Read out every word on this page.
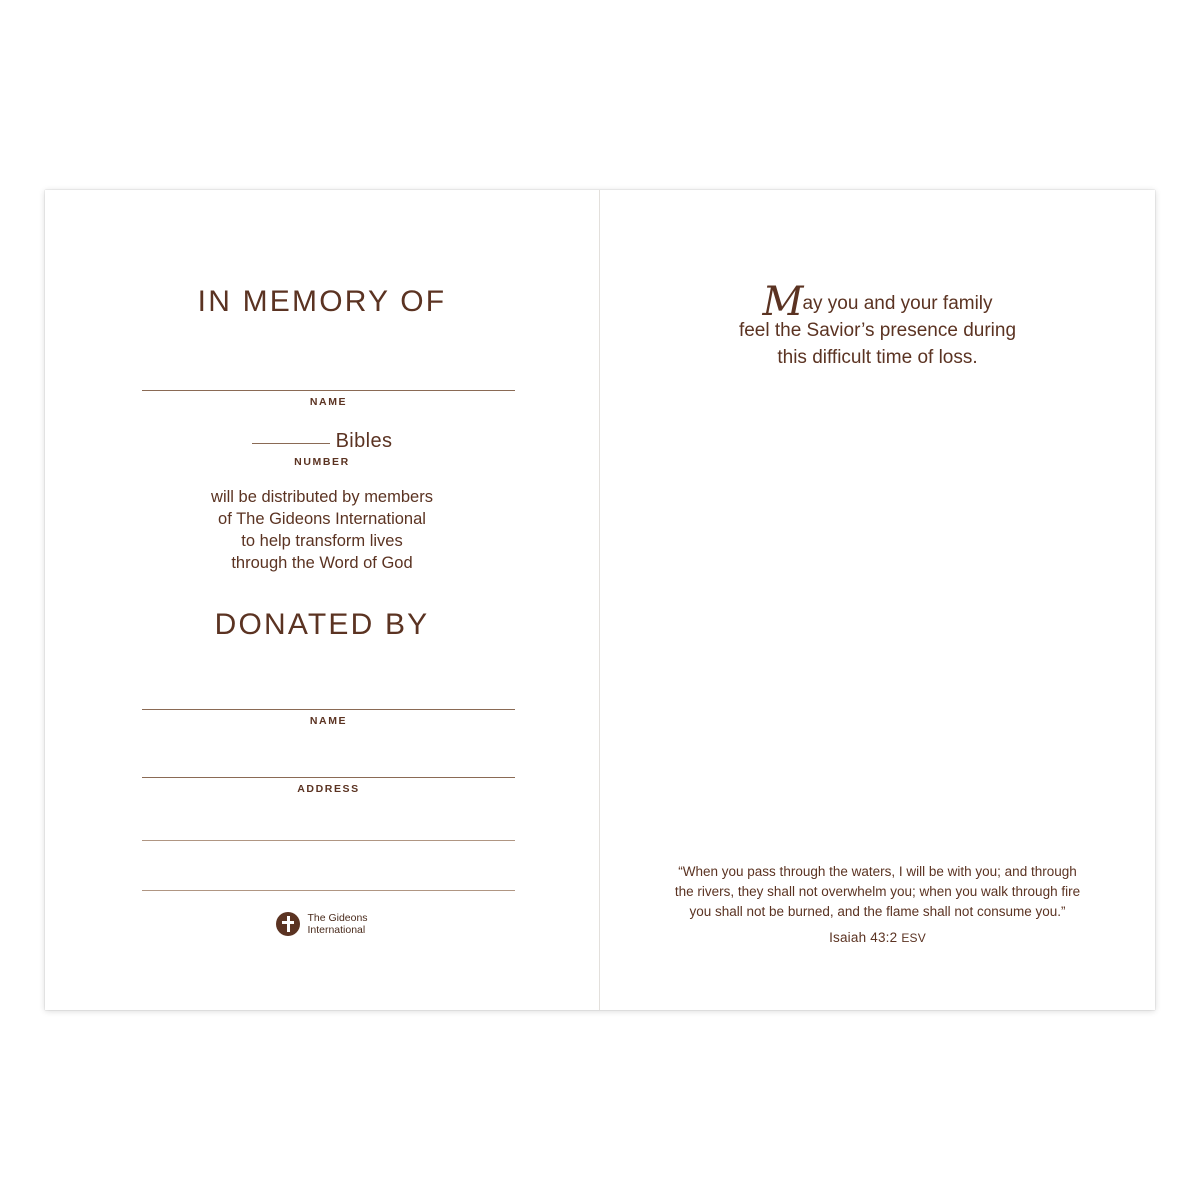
IN MEMORY OF
NAME
Bibles
NUMBER
will be distributed by members
of The Gideons International
to help transform lives
through the Word of God
DONATED BY
NAME
ADDRESS
The Gideons
International
May you and your family
feel the Savior’s presence during
this difficult time of loss.
“When you pass through the waters, I will be with you; and through
the rivers, they shall not overwhelm you; when you walk through fire
you shall not be burned, and the flame shall not consume you.”
Isaiah 43:2 ESV
